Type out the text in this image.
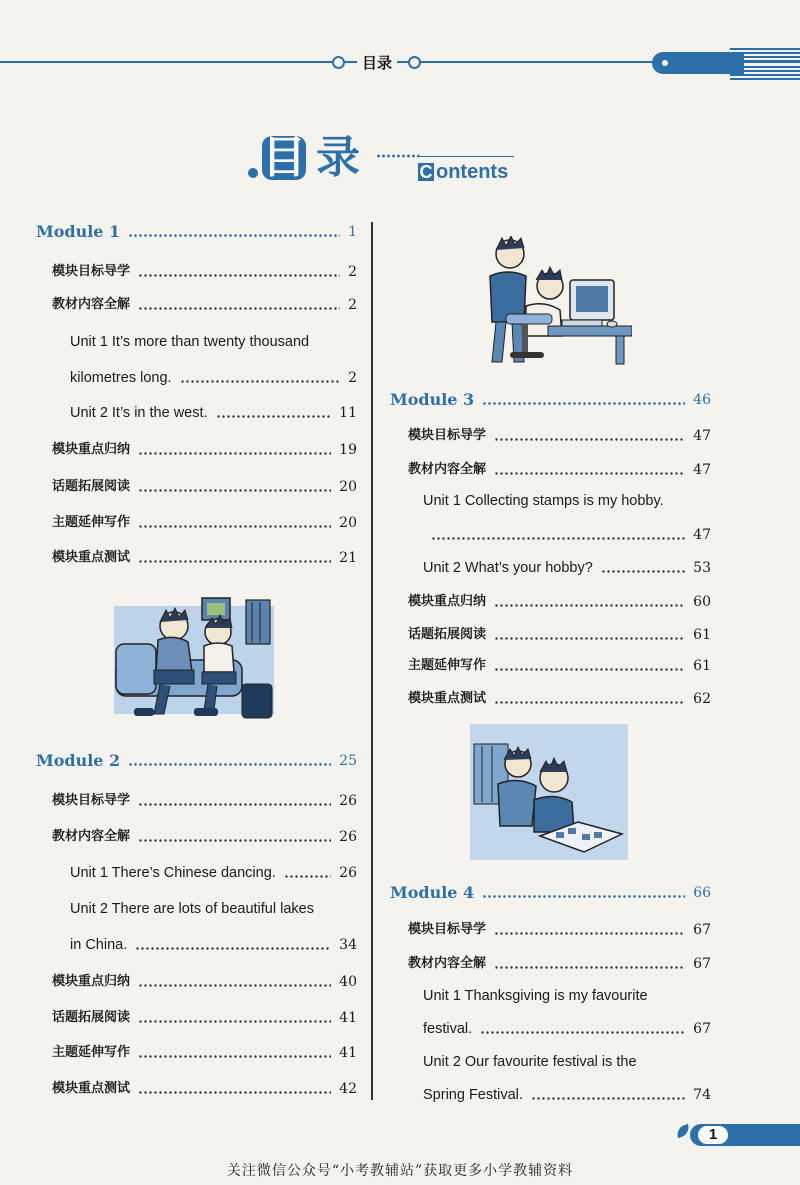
目录
目 录	C ontents
Module 1	1
模块目标导学	2
教材内容全解	2
Unit 1 It’s more than twenty thousand
kilometres long.	2
Unit 2 It’s in the west.	11
模块重点归纳	19
话题拓展阅读	20
主题延伸写作	20
模块重点测试	21
Module 2	25
模块目标导学	26
教材内容全解	26
Unit 1 There’s Chinese dancing.	26
Unit 2 There are lots of beautiful lakes
in China.	34
模块重点归纳	40
话题拓展阅读	41
主题延伸写作	41
模块重点测试	42
Module 3	46
模块目标导学	47
教材内容全解	47
Unit 1 Collecting stamps is my hobby.
47
Unit 2 What’s your hobby?	53
模块重点归纳	60
话题拓展阅读	61
主题延伸写作	61
模块重点测试	62
Module 4	66
模块目标导学	67
教材内容全解	67
Unit 1 Thanksgiving is my favourite
festival.	67
Unit 2 Our favourite festival is the
Spring Festival.	74
1
关注微信公众号“小考教辅站”获取更多小学教辅资料
